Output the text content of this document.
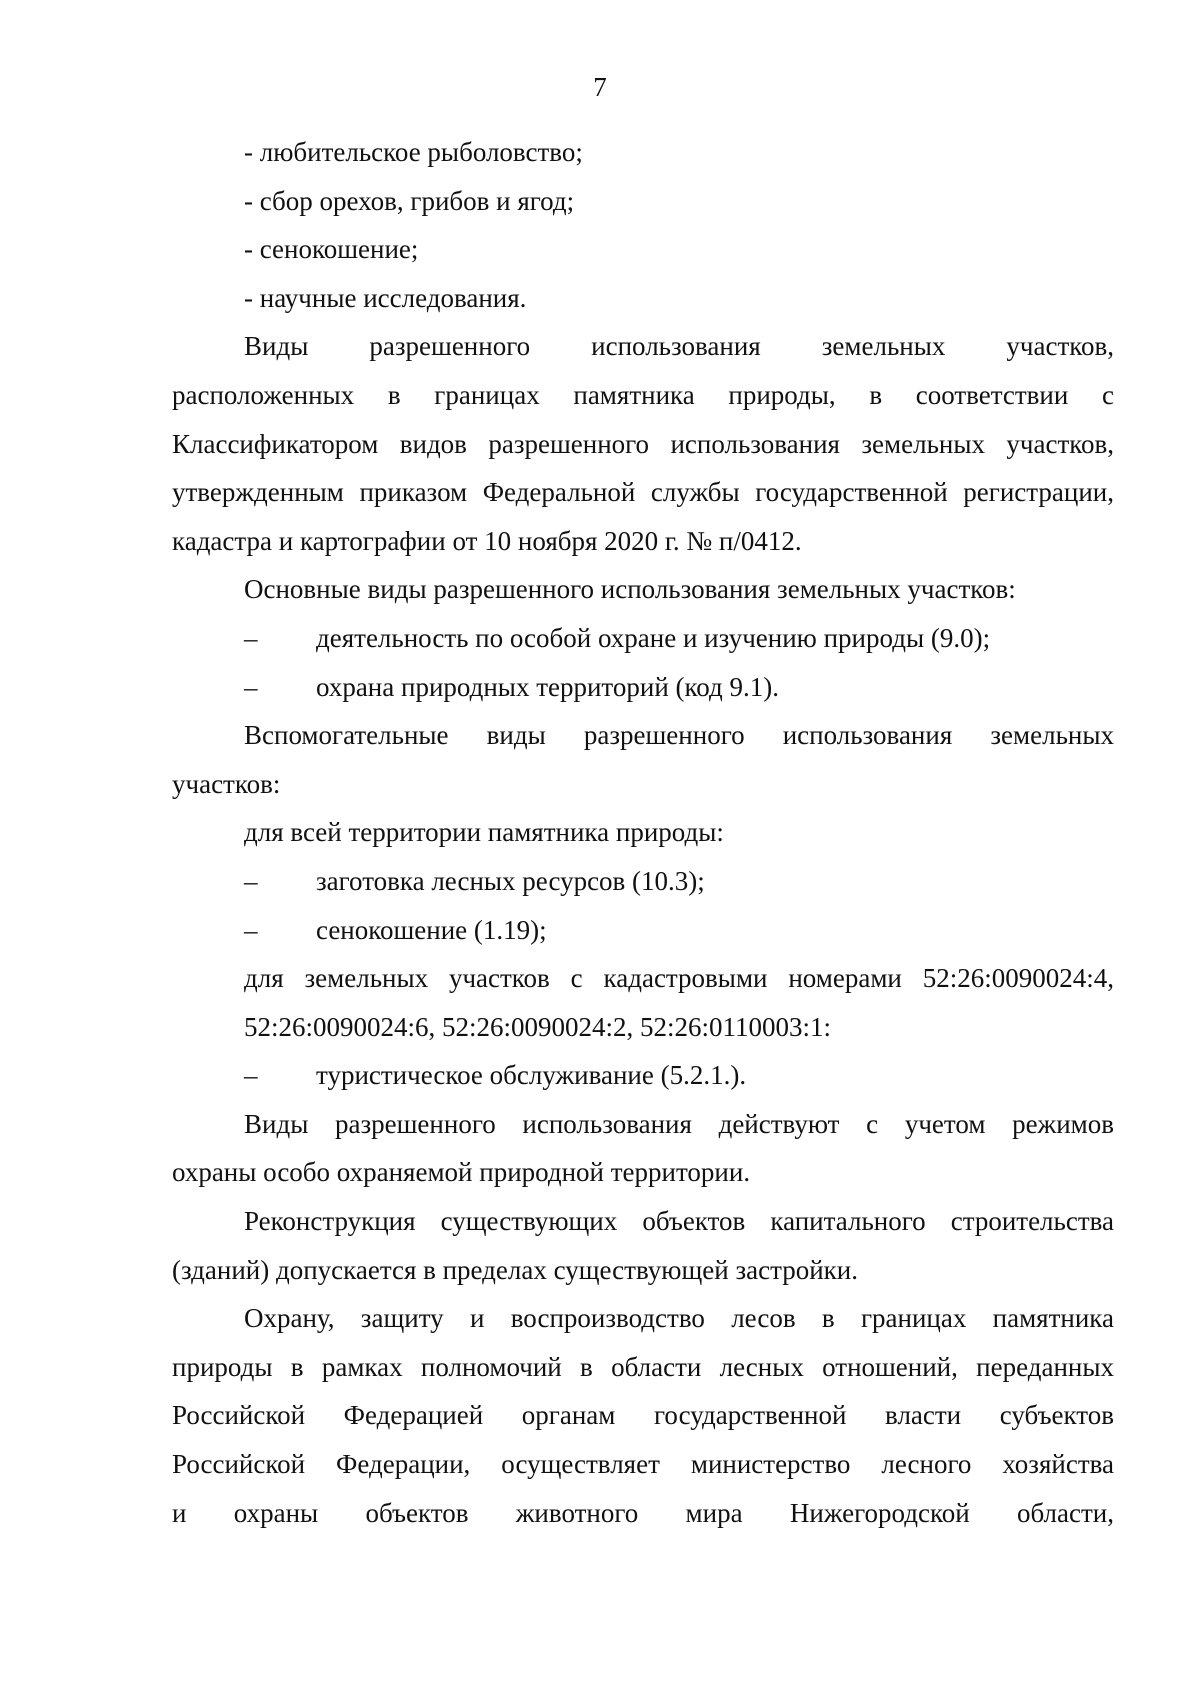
7
- любительское рыболовство;
- сбор орехов, грибов и ягод;
- сенокошение;
- научные исследования.
Виды разрешенного использования земельных участков,
расположенных в границах памятника природы, в соответствии с
Классификатором видов разрешенного использования земельных участков,
утвержденным приказом Федеральной службы государственной регистрации,
кадастра и картографии от 10 ноября 2020 г. № п/0412.
Основные виды разрешенного использования земельных участков:
–	деятельность по особой охране и изучению природы (9.0);
–	охрана природных территорий (код 9.1).
Вспомогательные виды разрешенного использования земельных
участков:
для всей территории памятника природы:
–	заготовка лесных ресурсов (10.3);
–	сенокошение (1.19);
для земельных участков с кадастровыми номерами 52:26:0090024:4,
52:26:0090024:6, 52:26:0090024:2, 52:26:0110003:1:
–	туристическое обслуживание (5.2.1.).
Виды разрешенного использования действуют с учетом режимов
охраны особо охраняемой природной территории.
Реконструкция существующих объектов капитального строительства
(зданий) допускается в пределах существующей застройки.
Охрану, защиту и воспроизводство лесов в границах памятника
природы в рамках полномочий в области лесных отношений, переданных
Российской Федерацией органам государственной власти субъектов
Российской Федерации, осуществляет министерство лесного хозяйства
и охраны объектов животного мира Нижегородской области,
